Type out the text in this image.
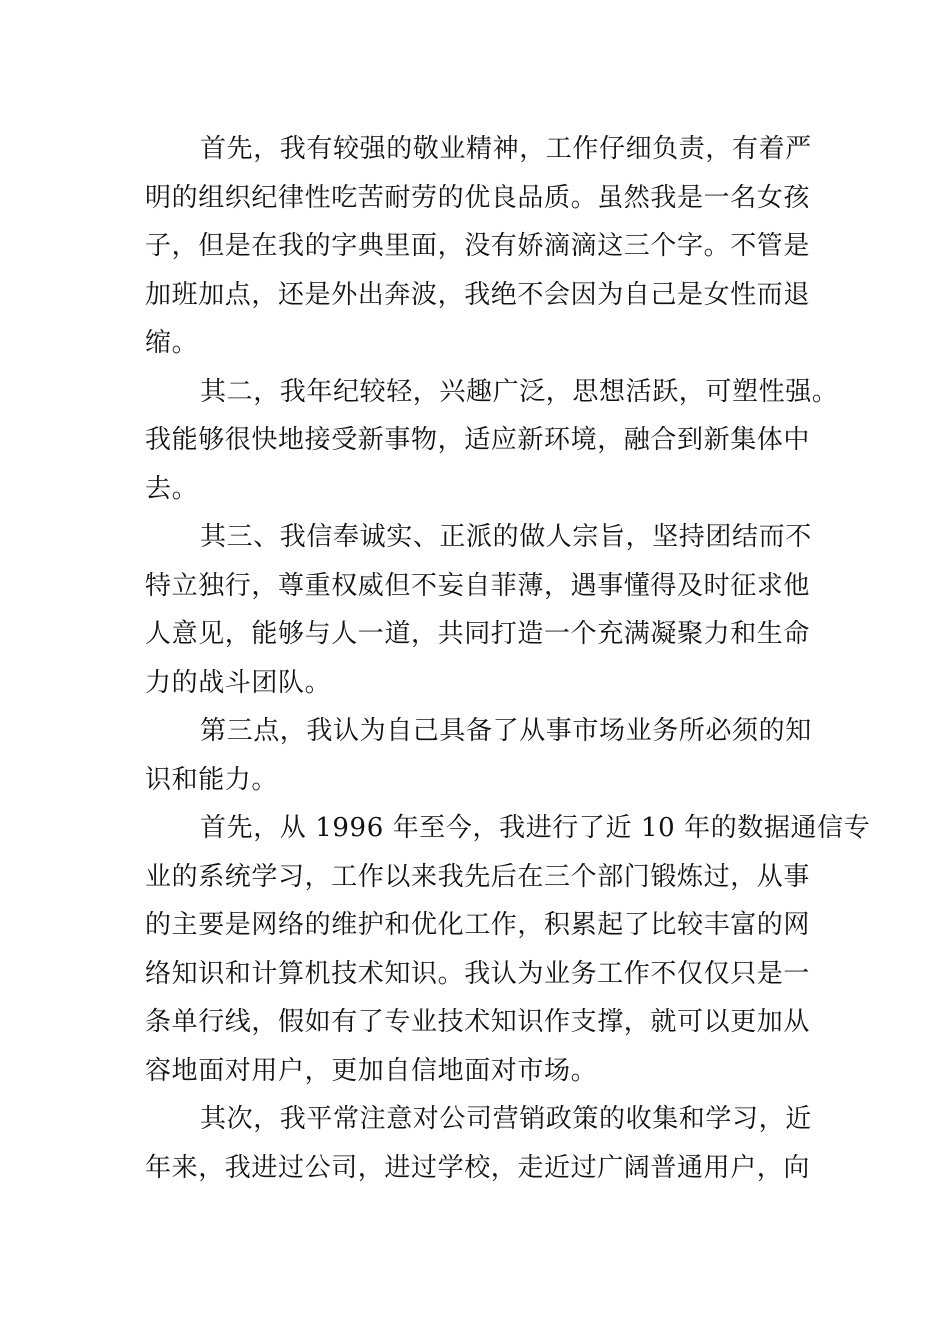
首先，我有较强的敬业精神，工作仔细负责，有着严
明的组织纪律性吃苦耐劳的优良品质。虽然我是一名女孩
子，但是在我的字典里面，没有娇滴滴这三个字。不管是
加班加点，还是外出奔波，我绝不会因为自己是女性而退
缩。

其二，我年纪较轻，兴趣广泛，思想活跃，可塑性强。
我能够很快地接受新事物，适应新环境，融合到新集体中
去。

其三、我信奉诚实、正派的做人宗旨，坚持团结而不
特立独行，尊重权威但不妄自菲薄，遇事懂得及时征求他
人意见，能够与人一道，共同打造一个充满凝聚力和生命
力的战斗团队。

第三点，我认为自己具备了从事市场业务所必须的知
识和能力。

首先，从 1996 年至今，我进行了近 10 年的数据通信专
业的系统学习，工作以来我先后在三个部门锻炼过，从事
的主要是网络的维护和优化工作，积累起了比较丰富的网
络知识和计算机技术知识。我认为业务工作不仅仅只是一
条单行线，假如有了专业技术知识作支撑，就可以更加从
容地面对用户，更加自信地面对市场。

其次，我平常注意对公司营销政策的收集和学习，近
年来，我进过公司，进过学校，走近过广阔普通用户，向
